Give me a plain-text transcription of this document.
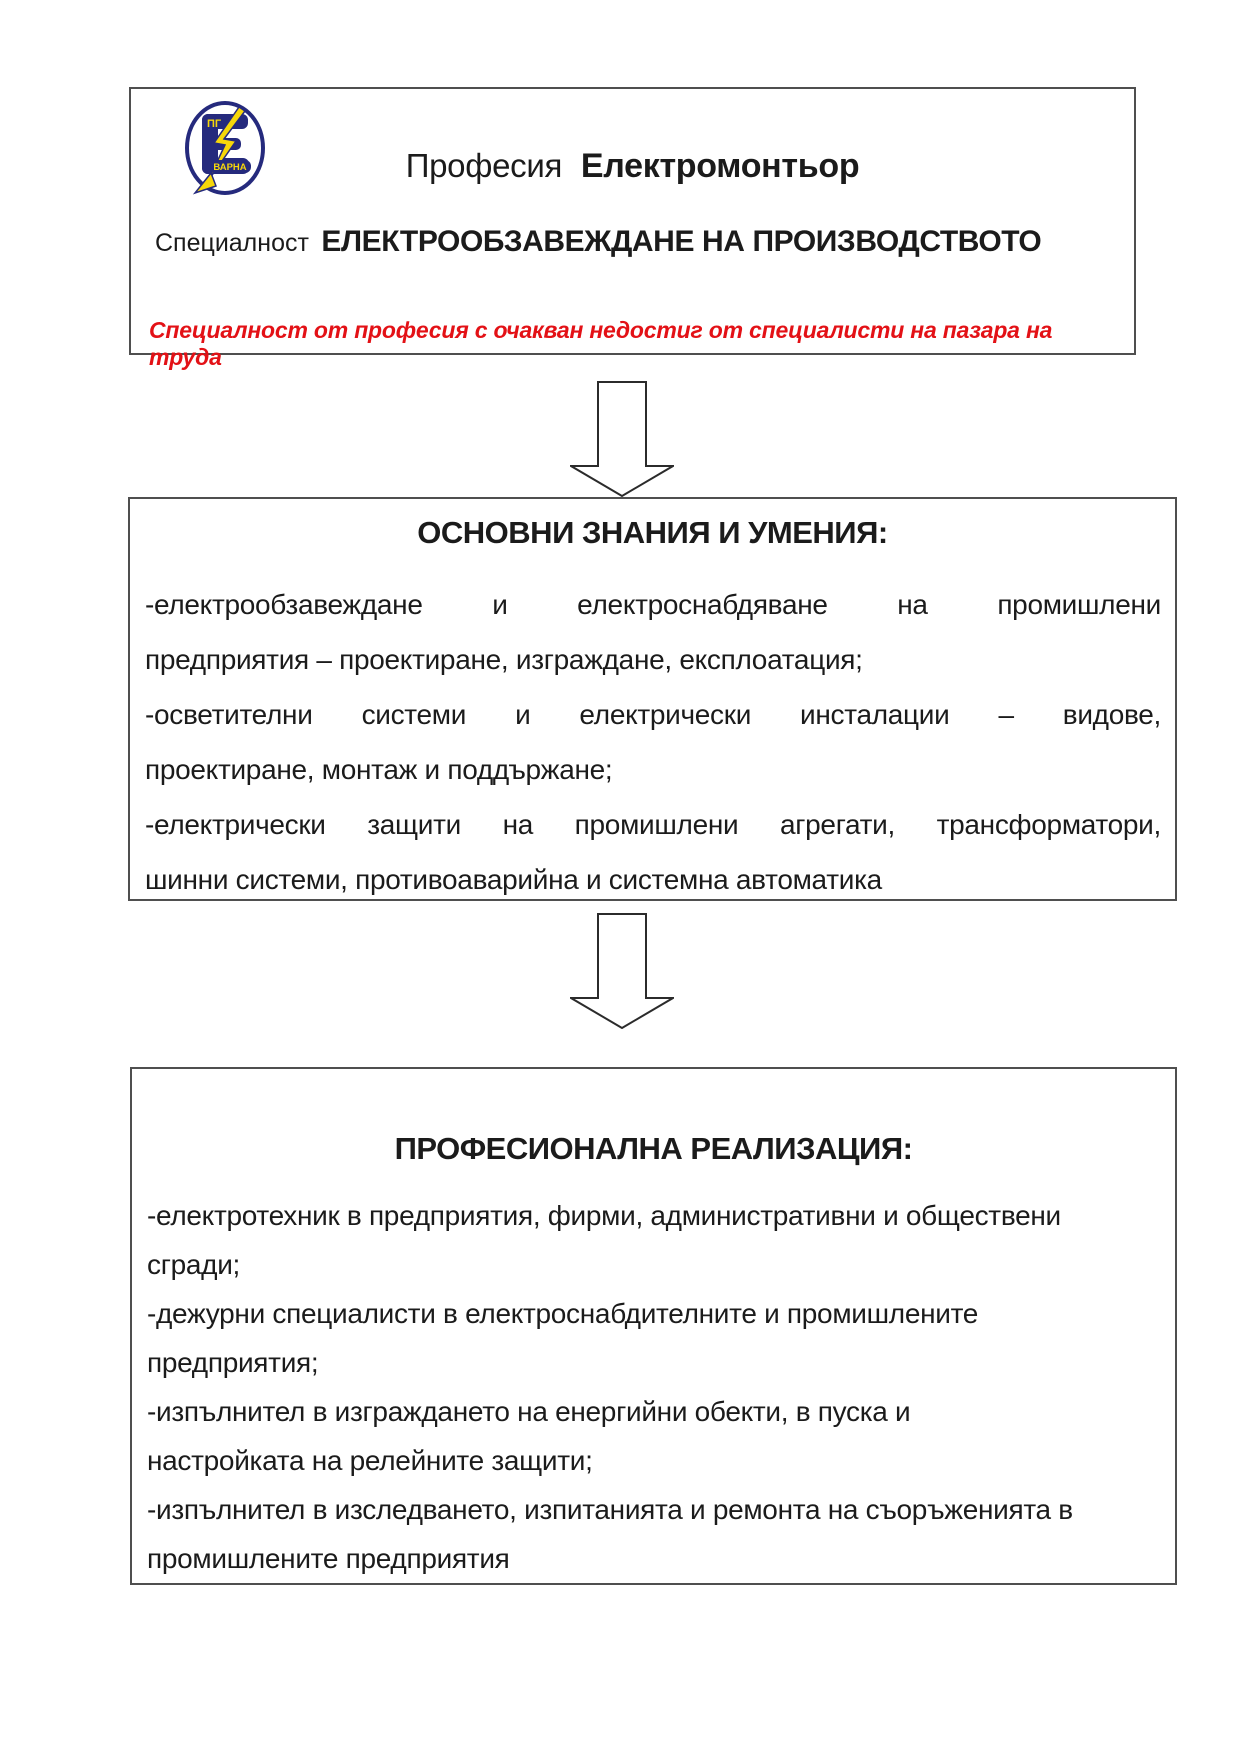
ПГ
ВАРНА	Професия Електромонтьор
Специалност ЕЛЕКТРООБЗАВЕЖДАНЕ НА ПРОИЗВОДСТВОТО
Специалност от професия с очакван недостиг от специалисти на пазара на труда
ОСНОВНИ ЗНАНИЯ И УМЕНИЯ:
-електрообзавеждане и електроснабдяване на промишлени
предприятия – проектиране, изграждане, експлоатация;
-осветителни системи и електрически инсталации – видове,
проектиране, монтаж и поддържане;
-електрически защити на промишлени агрегати, трансформатори,
шинни системи, противоаварийна и системна автоматика
ПРОФЕСИОНАЛНА РЕАЛИЗАЦИЯ:
-електротехник в предприятия, фирми, административни и обществени
сгради;
-дежурни специалисти в електроснабдителните и промишлените
предприятия;
-изпълнител в изграждането на енергийни обекти, в пуска и
настройката на релейните защити;
-изпълнител в изследването, изпитанията и ремонта на съоръженията в
промишлените предприятия
